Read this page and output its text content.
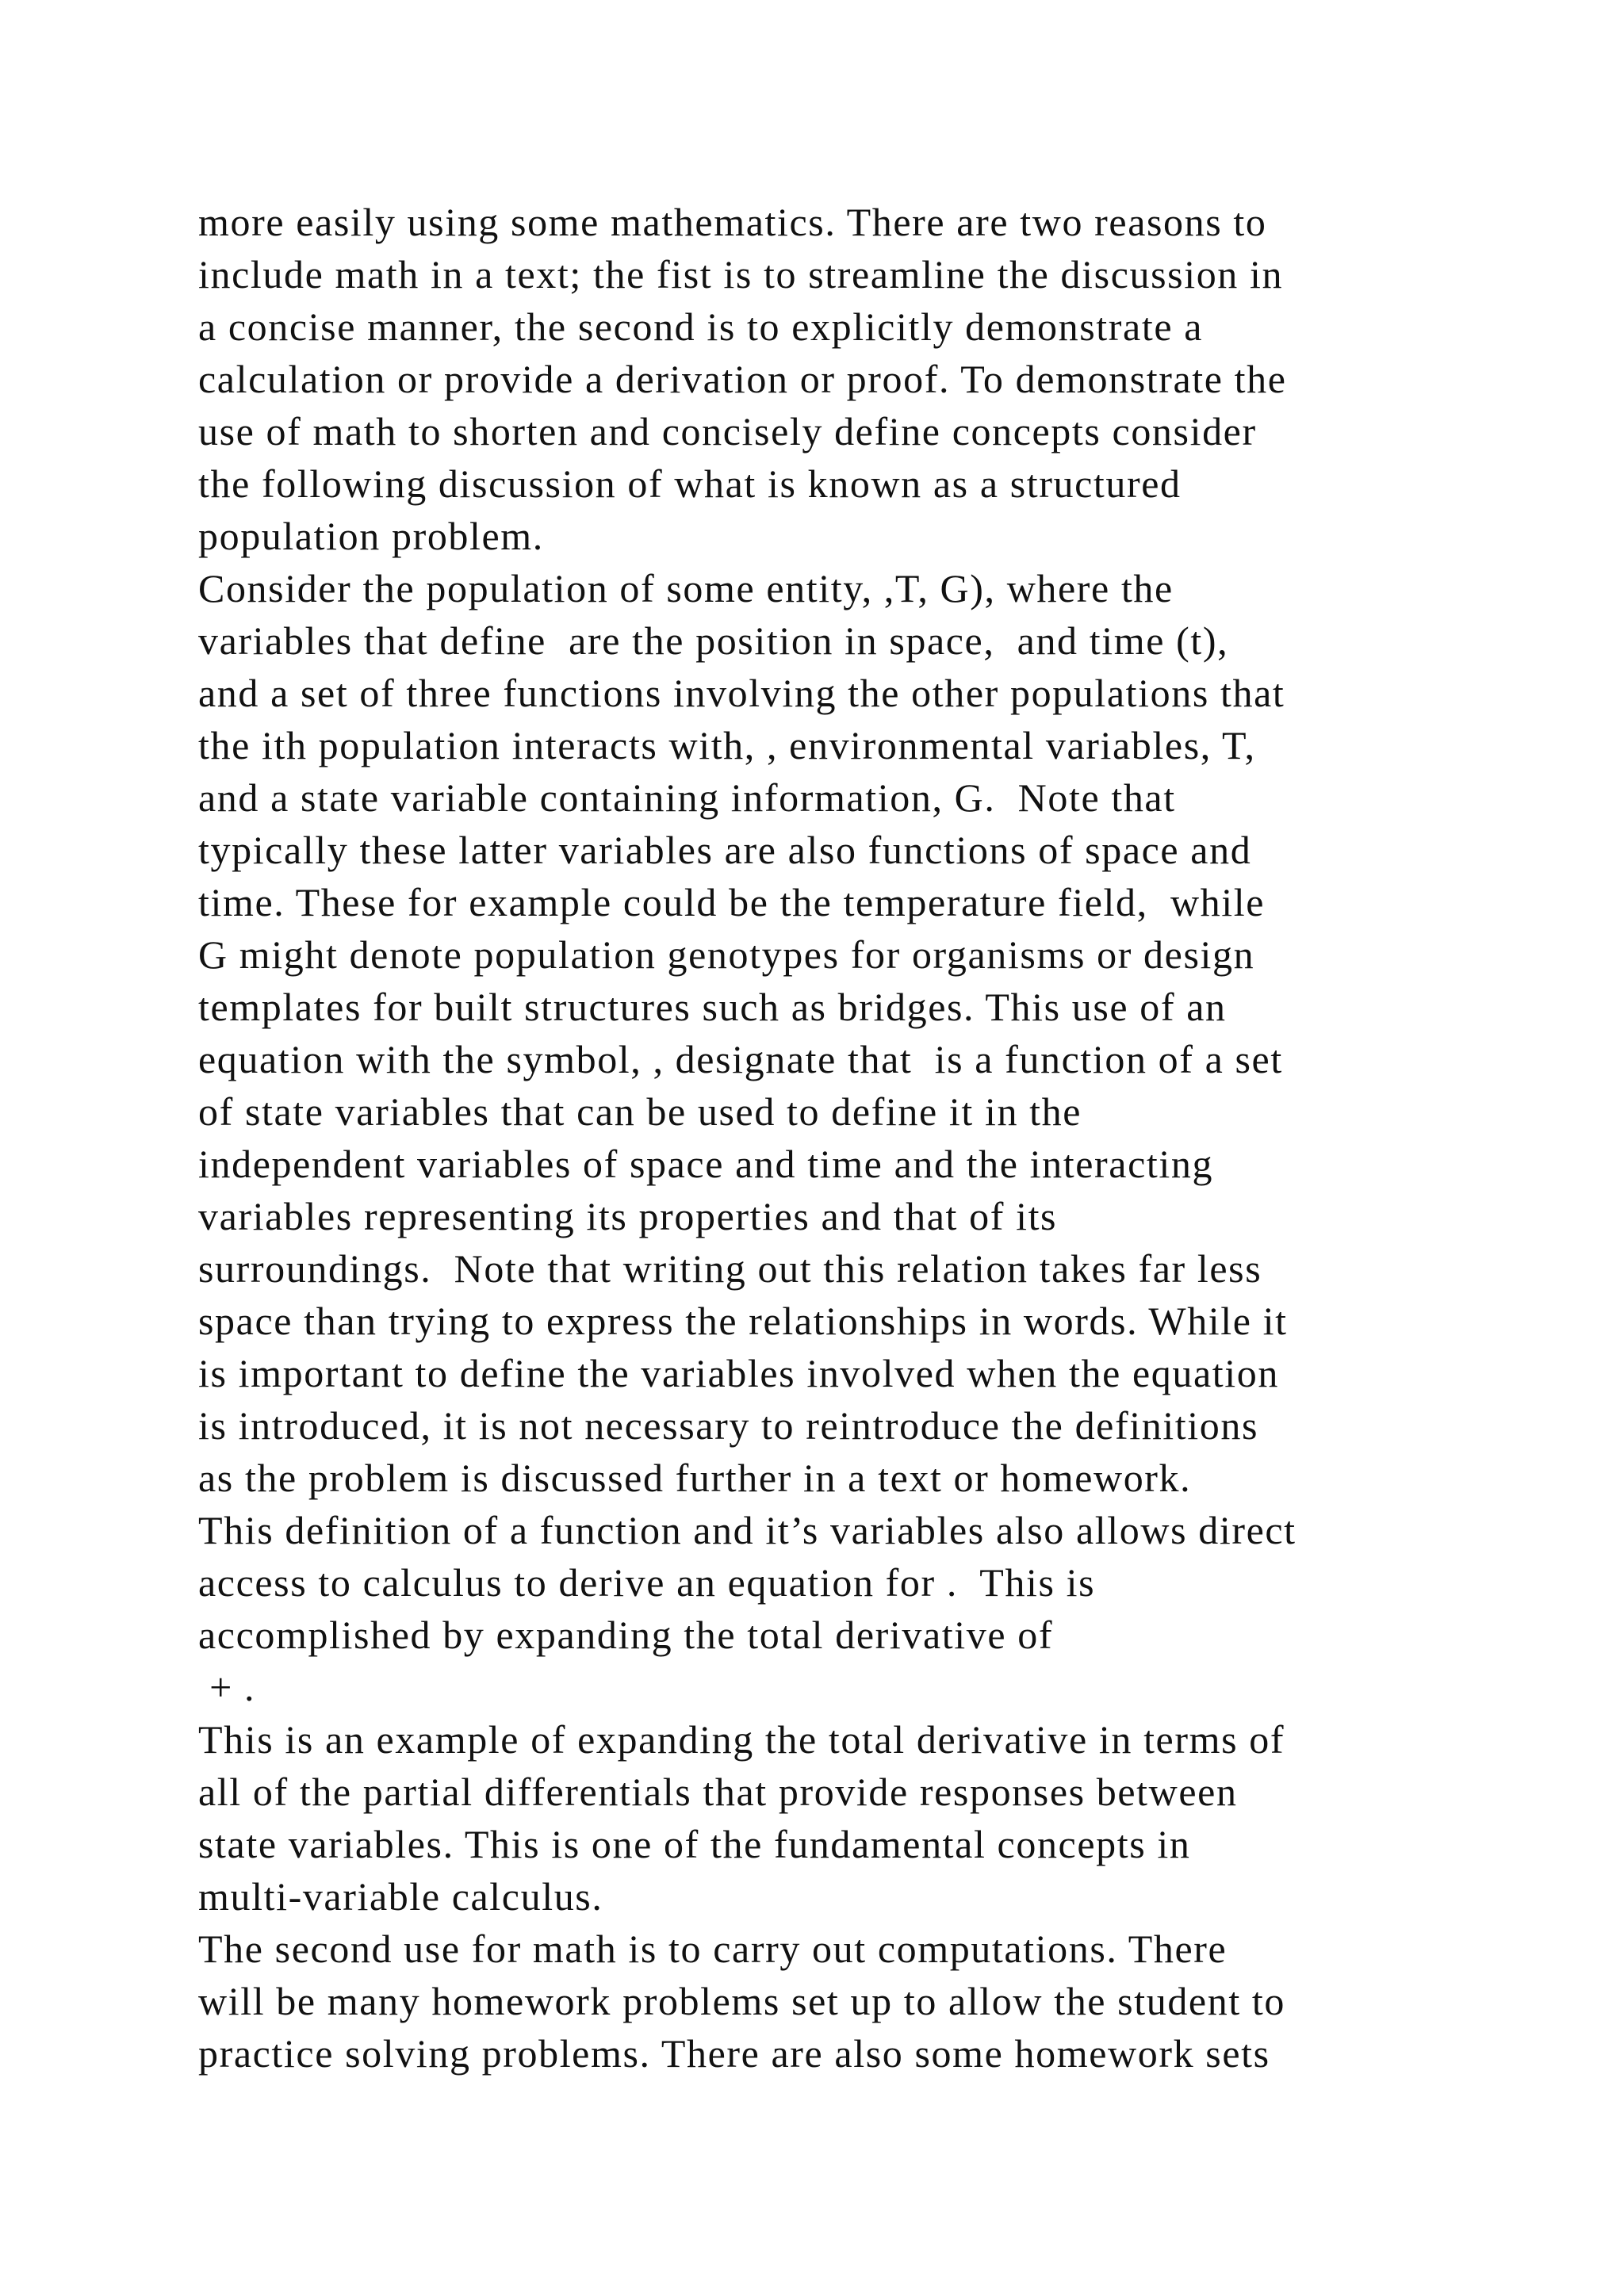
more easily using some mathematics. There are two reasons to
include math in a text; the fist is to streamline the discussion in
a concise manner, the second is to explicitly demonstrate a
calculation or provide a derivation or proof. To demonstrate the
use of math to shorten and concisely define concepts consider
the following discussion of what is known as a structured
population problem.
Consider the population of some entity, ,T, G), where the
variables that define  are the position in space,  and time (t),
and a set of three functions involving the other populations that
the ith population interacts with, , environmental variables, T,
and a state variable containing information, G.  Note that
typically these latter variables are also functions of space and
time. These for example could be the temperature field,  while
G might denote population genotypes for organisms or design
templates for built structures such as bridges. This use of an
equation with the symbol, , designate that  is a function of a set
of state variables that can be used to define it in the
independent variables of space and time and the interacting
variables representing its properties and that of its
surroundings.  Note that writing out this relation takes far less
space than trying to express the relationships in words. While it
is important to define the variables involved when the equation
is introduced, it is not necessary to reintroduce the definitions
as the problem is discussed further in a text or homework.
This definition of a function and it’s variables also allows direct
access to calculus to derive an equation for .  This is
accomplished by expanding the total derivative of
+ .
This is an example of expanding the total derivative in terms of
all of the partial differentials that provide responses between
state variables. This is one of the fundamental concepts in
multi-variable calculus.
The second use for math is to carry out computations. There
will be many homework problems set up to allow the student to
practice solving problems. There are also some homework sets
